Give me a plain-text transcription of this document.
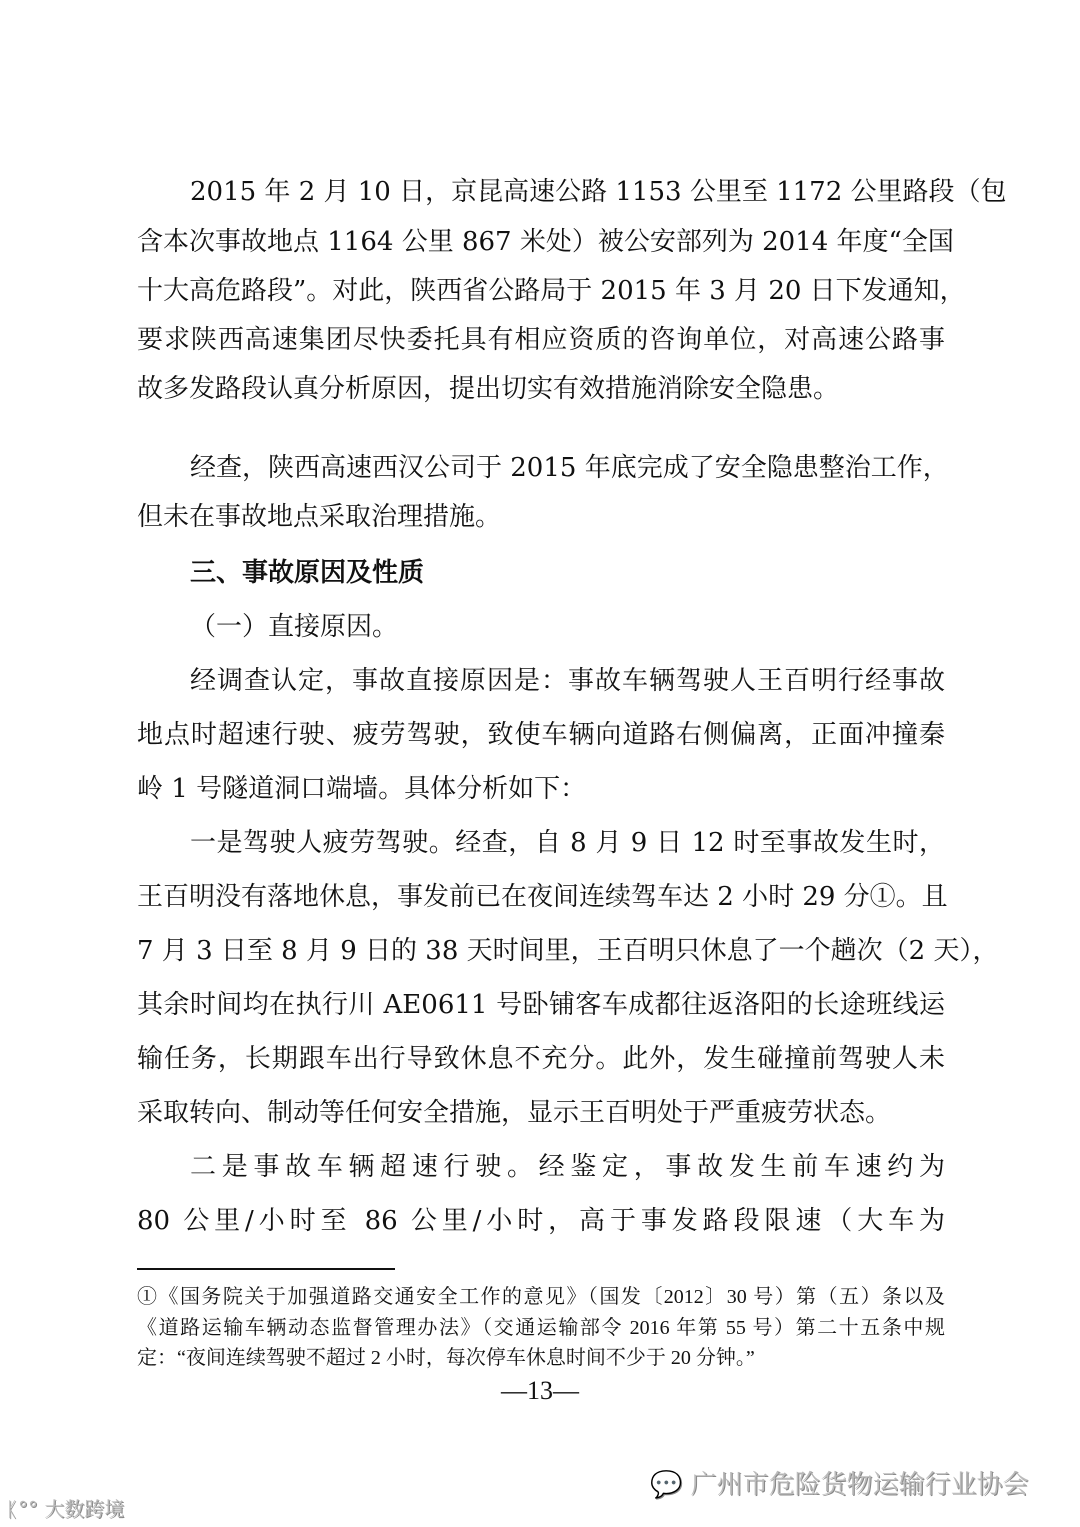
2015 年 2 月 10 日，京昆高速公路 1153 公里至 1172 公里路段（包
含本次事故地点 1164 公里 867 米处）被公安部列为 2014 年度“全国
十大高危路段”。对此，陕西省公路局于 2015 年 3 月 20 日下发通知，
要求陕西高速集团尽快委托具有相应资质的咨询单位，对高速公路事
故多发路段认真分析原因，提出切实有效措施消除安全隐患。
经查，陕西高速西汉公司于 2015 年底完成了安全隐患整治工作，
但未在事故地点采取治理措施。
三、事故原因及性质
（一）直接原因。
经调查认定，事故直接原因是：事故车辆驾驶人王百明行经事故
地点时超速行驶、疲劳驾驶，致使车辆向道路右侧偏离，正面冲撞秦
岭 1 号隧道洞口端墙。具体分析如下：
一是驾驶人疲劳驾驶。经查，自 8 月 9 日 12 时至事故发生时，
王百明没有落地休息，事发前已在夜间连续驾车达 2 小时 29 分①。且
7 月 3 日至 8 月 9 日的 38 天时间里，王百明只休息了一个趟次（2 天），
其余时间均在执行川 AE0611 号卧铺客车成都往返洛阳的长途班线运
输任务，长期跟车出行导致休息不充分。此外，发生碰撞前驾驶人未
采取转向、制动等任何安全措施，显示王百明处于严重疲劳状态。
二是事故车辆超速行驶。经鉴定，事故发生前车速约为
80 公里/小时至 86 公里/小时，高于事发路段限速（大车为
①《国务院关于加强道路交通安全工作的意见》（国发〔2012〕30 号）第（五）条以及
《道路运输车辆动态监督管理办法》（交通运输部令 2016 年第 55 号）第二十五条中规
定：“夜间连续驾驶不超过 2 小时，每次停车休息时间不少于 20 分钟。”
—13—
💬 广州市危险货物运输行业协会
ᛕ°° 大数跨境
